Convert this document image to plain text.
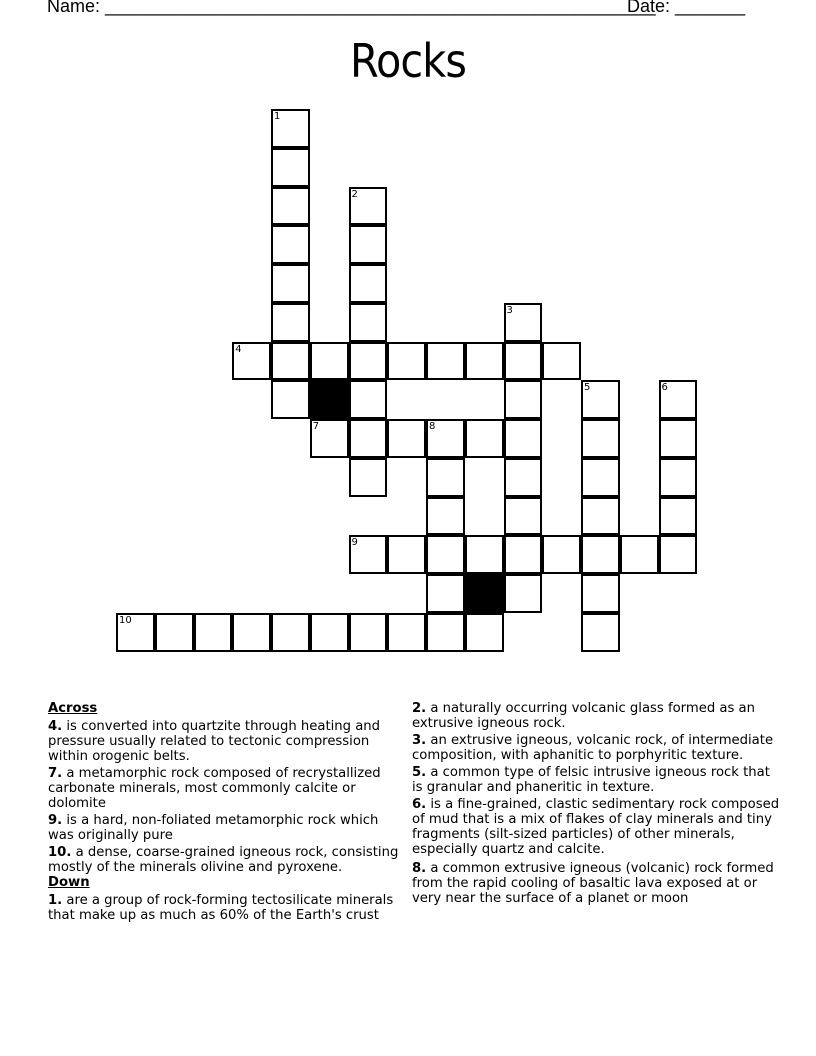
Name: _______________________________________________________
Date: _______
Rocks
1
2
3
4
5	6
7	8
9
10
Across
4. is converted into quartzite through heating and pressure usually related to tectonic compression within orogenic belts.
7. a metamorphic rock composed of recrystallized carbonate minerals, most commonly calcite or dolomite
9. is a hard, non-foliated metamorphic rock which was originally pure
10. a dense, coarse-grained igneous rock, consisting mostly of the minerals olivine and pyroxene.
Down
1. are a group of rock-forming tectosilicate minerals that make up as much as 60% of the Earth's crust
2. a naturally occurring volcanic glass formed as an extrusive igneous rock.
3. an extrusive igneous, volcanic rock, of intermediate composition, with aphanitic to porphyritic texture.
5. a common type of felsic intrusive igneous rock that is granular and phaneritic in texture.
6. is a fine-grained, clastic sedimentary rock composed of mud that is a mix of flakes of clay minerals and tiny fragments (silt-sized particles) of other minerals, especially quartz and calcite.
8. a common extrusive igneous (volcanic) rock formed from the rapid cooling of basaltic lava exposed at or very near the surface of a planet or moon
